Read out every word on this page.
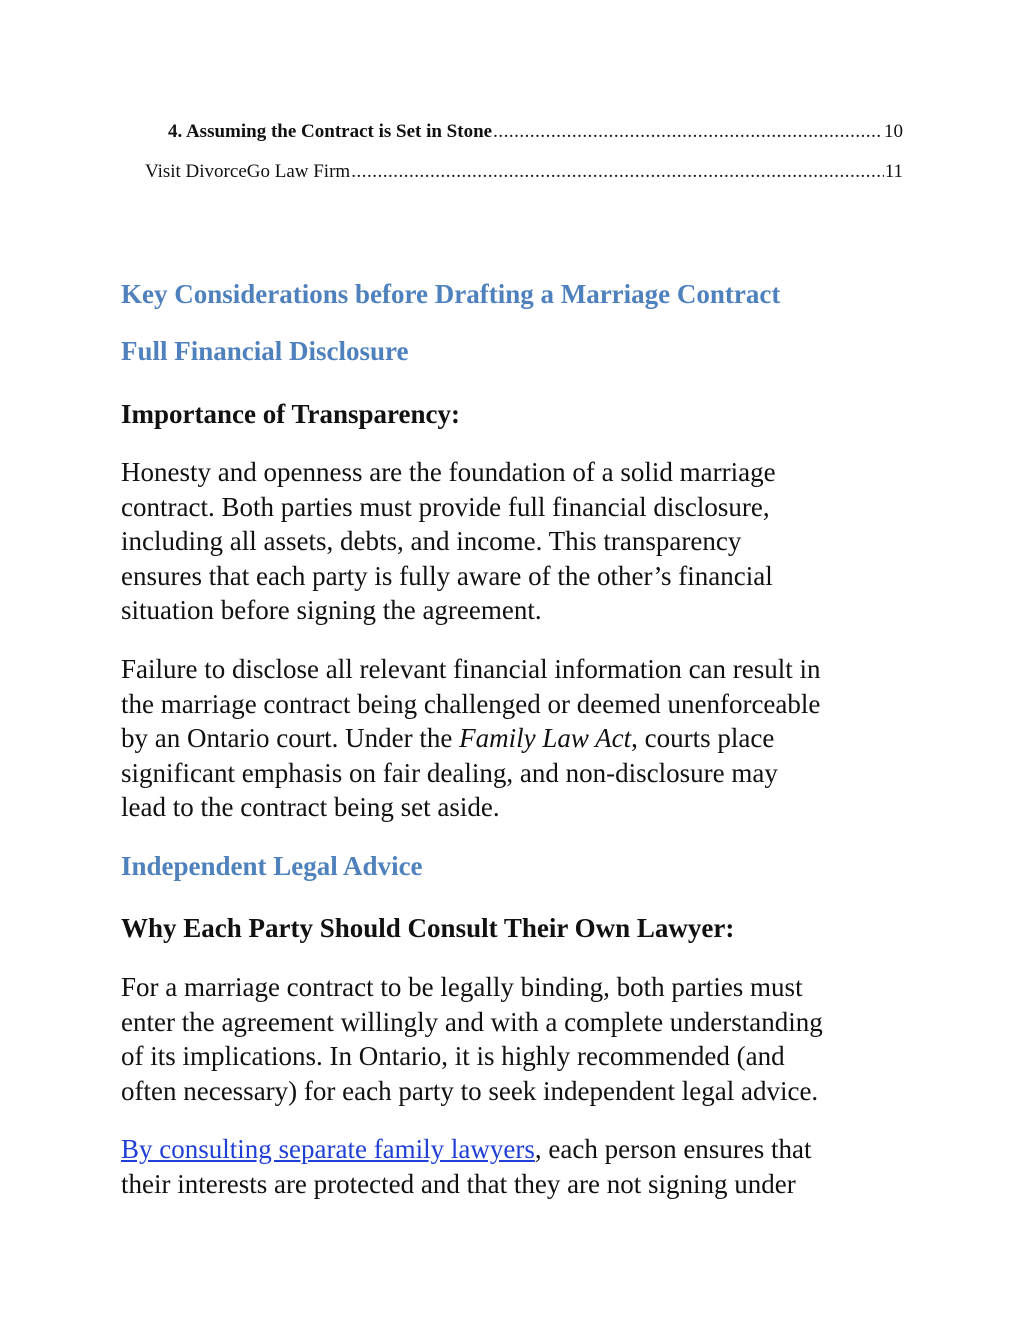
4. Assuming the Contract is Set in Stone .....	10
Visit DivorceGo Law Firm .....	11
Key Considerations before Drafting a Marriage Contract
Full Financial Disclosure
Importance of Transparency:

Honesty and openness are the foundation of a solid marriage
contract. Both parties must provide full financial disclosure,
including all assets, debts, and income. This transparency
ensures that each party is fully aware of the other’s financial
situation before signing the agreement.

Failure to disclose all relevant financial information can result in
the marriage contract being challenged or deemed unenforceable
by an Ontario court. Under the Family Law Act, courts place
significant emphasis on fair dealing, and non-disclosure may
lead to the contract being set aside.

Independent Legal Advice
Why Each Party Should Consult Their Own Lawyer:

For a marriage contract to be legally binding, both parties must
enter the agreement willingly and with a complete understanding
of its implications. In Ontario, it is highly recommended (and
often necessary) for each party to seek independent legal advice.

By consulting separate family lawyers, each person ensures that
their interests are protected and that they are not signing under
